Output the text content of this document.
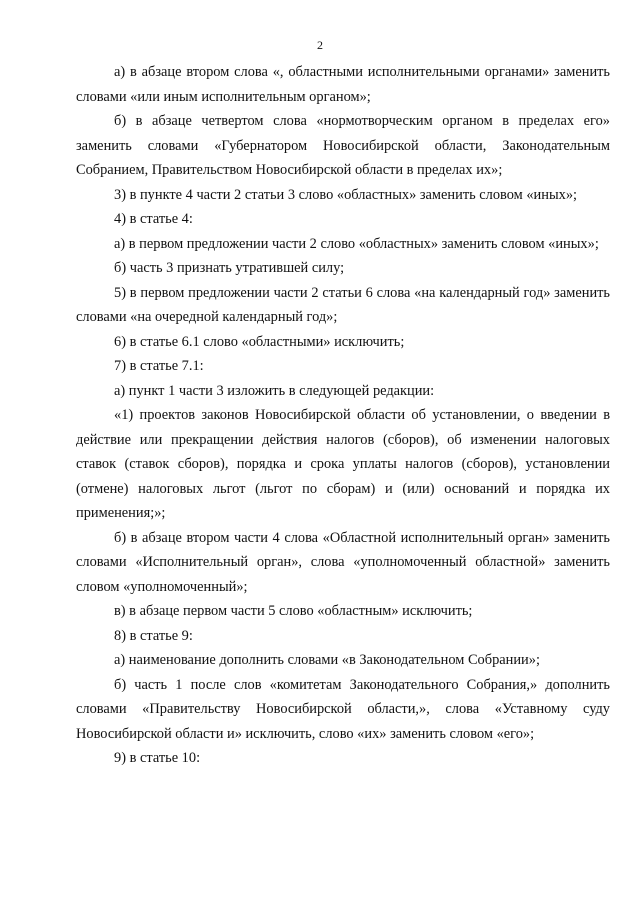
2

а) в абзаце втором слова «, областными исполнительными органами» заменить словами «или иным исполнительным органом»;

б) в абзаце четвертом слова «нормотворческим органом в пределах его» заменить словами «Губернатором Новосибирской области, Законодательным Собранием, Правительством Новосибирской области в пределах их»;

3) в пункте 4 части 2 статьи 3 слово «областных» заменить словом «иных»;

4) в статье 4:

а) в первом предложении части 2 слово «областных» заменить словом «иных»;

б) часть 3 признать утратившей силу;

5) в первом предложении части 2 статьи 6 слова «на календарный год» заменить словами «на очередной календарный год»;

6) в статье 6.1 слово «областными» исключить;

7) в статье 7.1:

а) пункт 1 части 3 изложить в следующей редакции:

«1) проектов законов Новосибирской области об установлении, о введении в действие или прекращении действия налогов (сборов), об изменении налоговых ставок (ставок сборов), порядка и срока уплаты налогов (сборов), установлении (отмене) налоговых льгот (льгот по сборам) и (или) оснований и порядка их применения;»;

б) в абзаце втором части 4 слова «Областной исполнительный орган» заменить словами «Исполнительный орган», слова «уполномоченный областной» заменить словом «уполномоченный»;

в) в абзаце первом части 5 слово «областным» исключить;

8) в статье 9:

а) наименование дополнить словами «в Законодательном Собрании»;

б) часть 1 после слов «комитетам Законодательного Собрания,» дополнить словами «Правительству Новосибирской области,», слова «Уставному суду Новосибирской области и» исключить, слово «их» заменить словом «его»;

9) в статье 10:
